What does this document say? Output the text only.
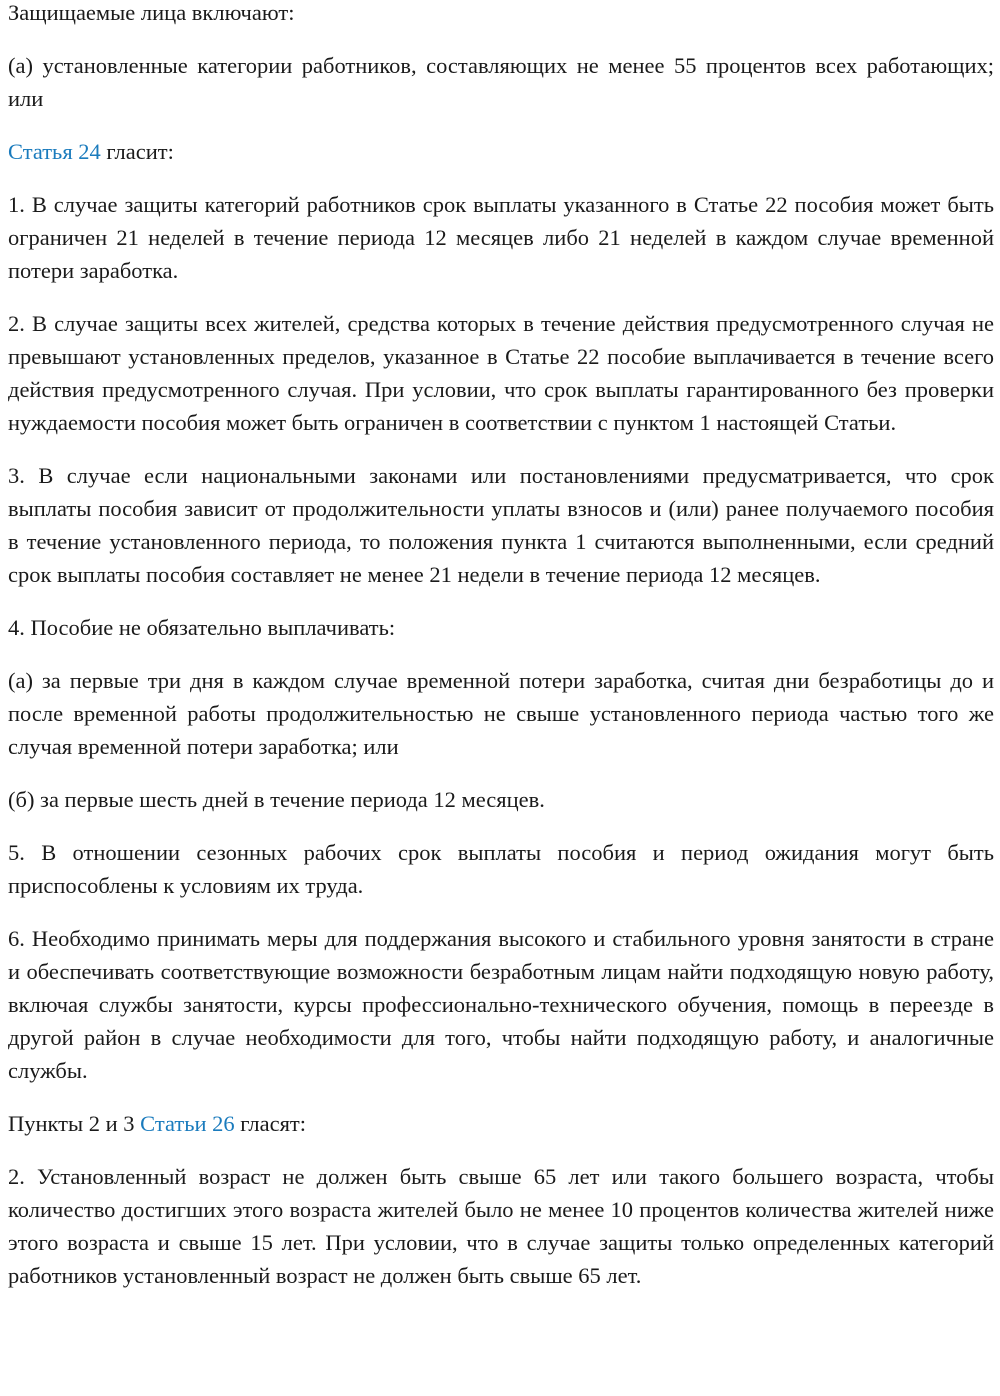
Защищаемые лица включают:

(а) установленные категории работников, составляющих не менее 55 процентов всех работающих; или

Статья 24 гласит:

1. В случае защиты категорий работников срок выплаты указанного в Статье 22 пособия может быть ограничен 21 неделей в течение периода 12 месяцев либо 21 неделей в каждом случае временной потери заработка.

2. В случае защиты всех жителей, средства которых в течение действия предусмотренного случая не превышают установленных пределов, указанное в Статье 22 пособие выплачивается в течение всего действия предусмотренного случая. При условии, что срок выплаты гарантированного без проверки нуждаемости пособия может быть ограничен в соответствии с пунктом 1 настоящей Статьи.

3. В случае если национальными законами или постановлениями предусматривается, что срок выплаты пособия зависит от продолжительности уплаты взносов и (или) ранее получаемого пособия в течение установленного периода, то положения пункта 1 считаются выполненными, если средний срок выплаты пособия составляет не менее 21 недели в течение периода 12 месяцев.

4. Пособие не обязательно выплачивать:

(а) за первые три дня в каждом случае временной потери заработка, считая дни безработицы до и после временной работы продолжительностью не свыше установленного периода частью того же случая временной потери заработка; или

(б) за первые шесть дней в течение периода 12 месяцев.

5. В отношении сезонных рабочих срок выплаты пособия и период ожидания могут быть приспособлены к условиям их труда.

6. Необходимо принимать меры для поддержания высокого и стабильного уровня занятости в стране и обеспечивать соответствующие возможности безработным лицам найти подходящую новую работу, включая службы занятости, курсы профессионально-технического обучения, помощь в переезде в другой район в случае необходимости для того, чтобы найти подходящую работу, и аналогичные службы.

Пункты 2 и 3 Статьи 26 гласят:

2. Установленный возраст не должен быть свыше 65 лет или такого большего возраста, чтобы количество достигших этого возраста жителей было не менее 10 процентов количества жителей ниже этого возраста и свыше 15 лет. При условии, что в случае защиты только определенных категорий работников установленный возраст не должен быть свыше 65 лет.
